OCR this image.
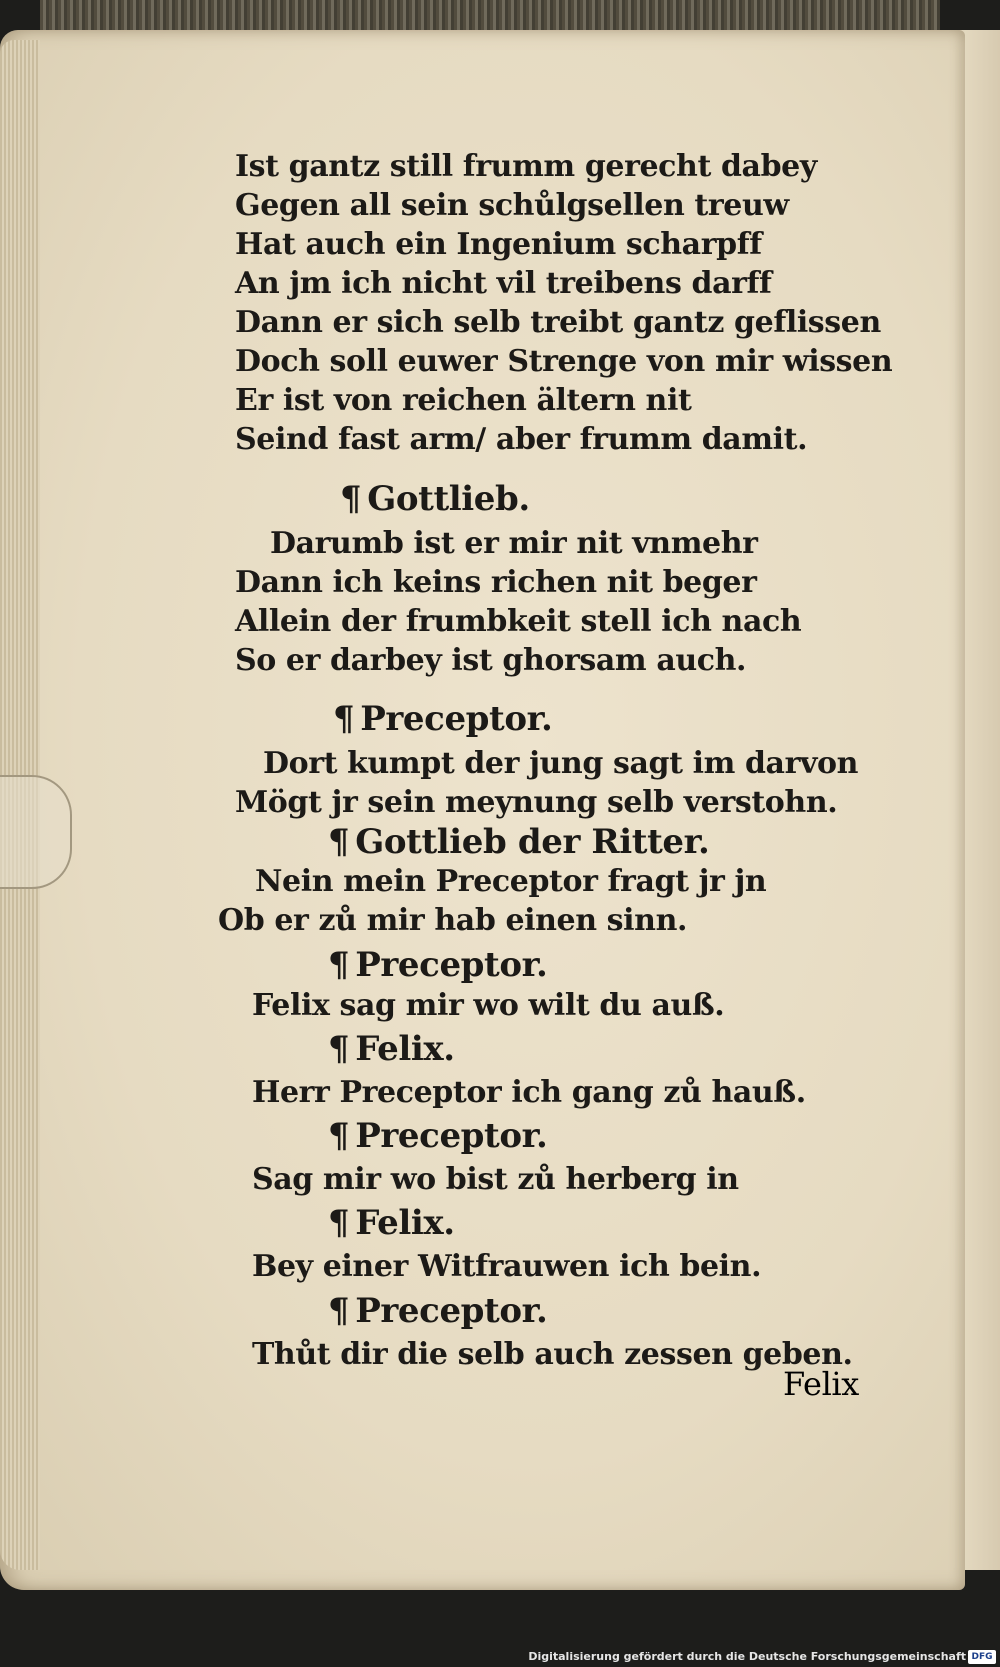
Ist gantz still frumm gerecht dabey
Gegen all sein schůlgsellen treuw
Hat auch ein Ingenium scharpff
An jm ich nicht vil treibens darff
Dann er sich selb treibt gantz geflissen
Doch soll euwer Strenge von mir wissen
Er ist von reichen ältern nit
Seind fast arm/ aber frumm damit.
¶ Gottlieb.
Darumb ist er mir nit vnmehr
Dann ich keins richen nit beger
Allein der frumbkeit stell ich nach
So er darbey ist ghorsam auch.
¶ Preceptor.
Dort kumpt der jung sagt im darvon
Mögt jr sein meynung selb verstohn.
¶ Gottlieb der Ritter.
Nein mein Preceptor fragt jr jn
Ob er zů mir hab einen sinn.
¶ Preceptor.
Felix sag mir wo wilt du auß.
¶ Felix.
Herr Preceptor ich gang zů hauß.
¶ Preceptor.
Sag mir wo bist zů herberg in
¶ Felix.
Bey einer Witfrauwen ich bein.
¶ Preceptor.
Thůt dir die selb auch zessen geben.
Felix
Digitalisierung gefördert durch die Deutsche Forschungsgemeinschaft DFG
